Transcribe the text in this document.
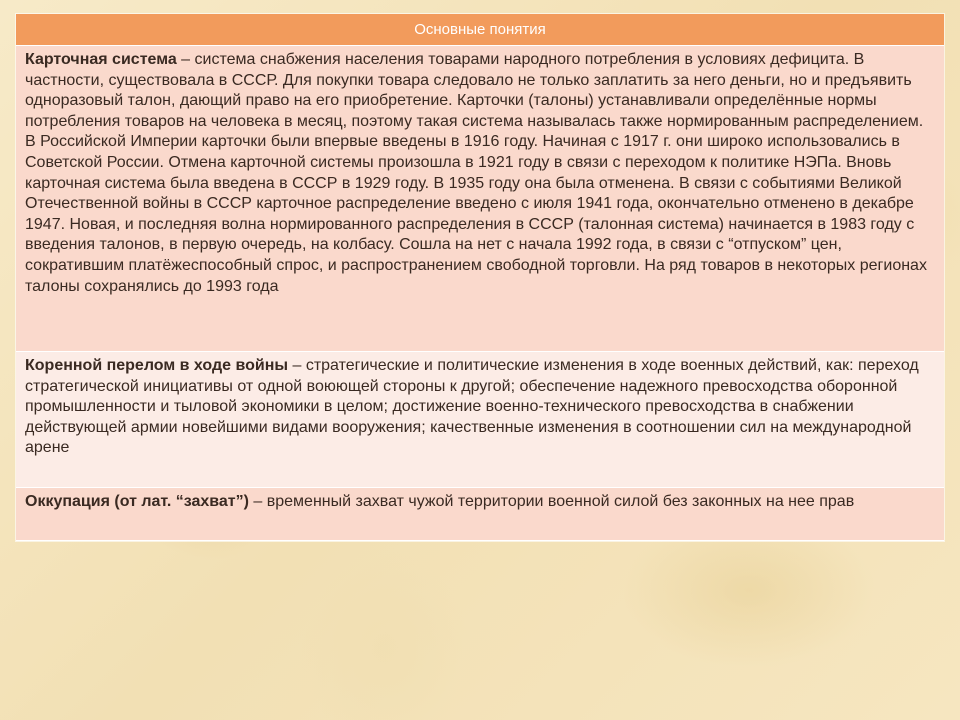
Основные понятия
Карточная система – система снабжения населения товарами народного потребления в условиях дефицита. В частности, существовала в СССР. Для покупки товара следовало не только заплатить за него деньги, но и предъявить одноразовый талон, дающий право на его приобретение. Карточки (талоны) устанавливали определённые нормы потребления товаров на человека в месяц, поэтому такая система называлась также нормированным распределением. В Российской Империи карточки были впервые введены в 1916 году. Начиная с 1917 г. они широко использовались в Советской России. Отмена карточной системы произошла в 1921 году в связи с переходом к политике НЭПа. Вновь карточная система была введена в СССР в 1929 году. В 1935 году она была отменена. В связи с событиями Великой Отечественной войны в СССР карточное распределение введено с июля 1941 года, окончательно отменено в декабре 1947. Новая, и последняя волна нормированного распределения в СССР (талонная система) начинается в 1983 году с введения талонов, в первую очередь, на колбасу. Сошла на нет с начала 1992 года, в связи с “отпуском” цен, сократившим платёжеспособный спрос, и распространением свободной торговли. На ряд товаров в некоторых регионах талоны сохранялись до 1993 года
Коренной перелом в ходе войны – стратегические и политические изменения в ходе военных действий, как: переход стратегической инициативы от одной воюющей стороны к другой; обеспечение надежного превосходства оборонной промышленности и тыловой экономики в целом; достижение военно-технического превосходства в снабжении действующей армии новейшими видами вооружения; качественные изменения в соотношении сил на международной арене
Оккупация (от лат. “захват”) – временный захват чужой территории военной силой без законных на нее прав
